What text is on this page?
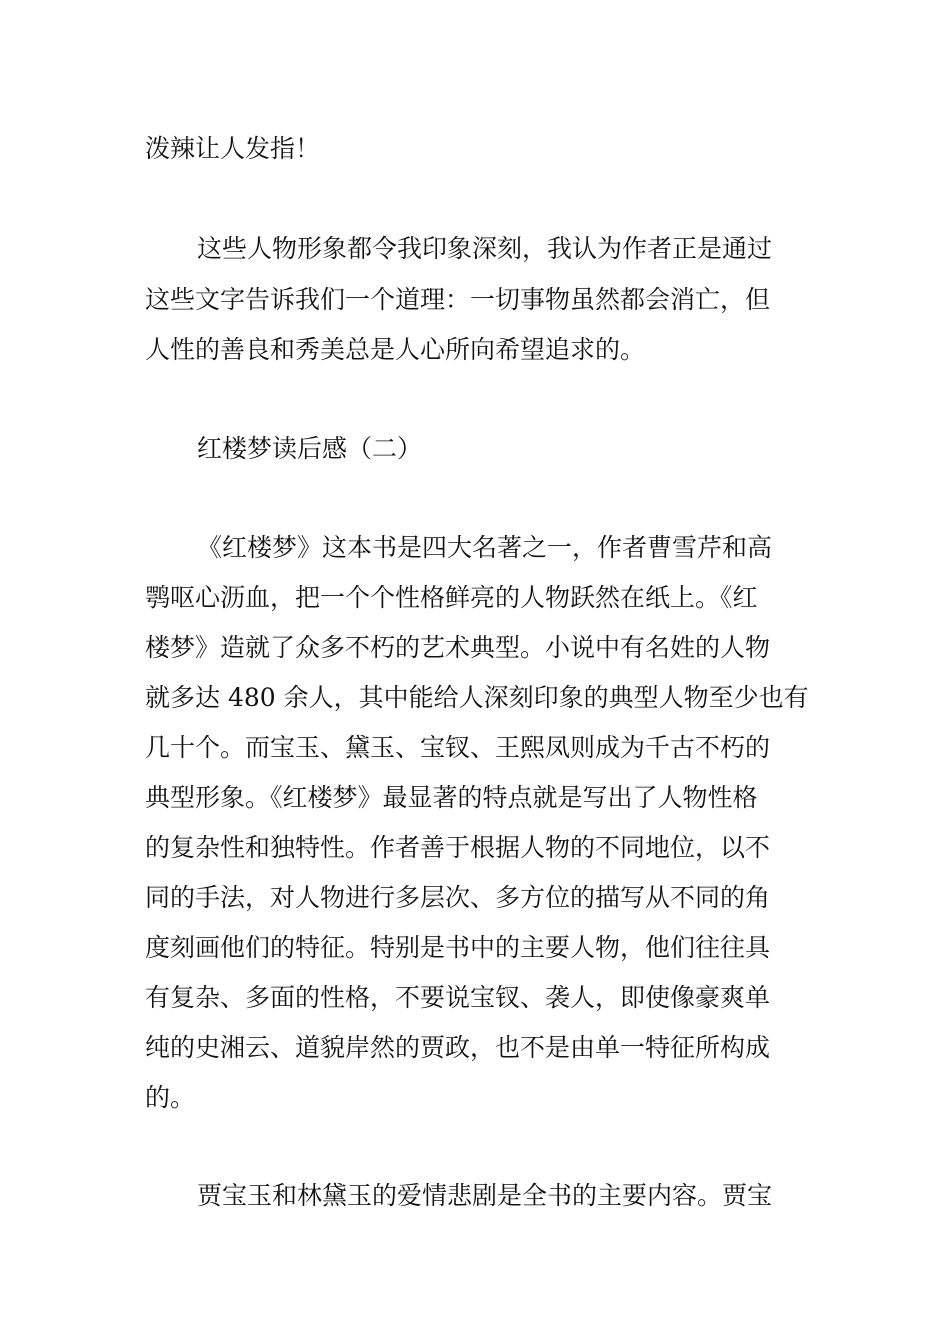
泼辣让人发指！
这些人物形象都令我印象深刻，我认为作者正是通过
这些文字告诉我们一个道理：一切事物虽然都会消亡，但
人性的善良和秀美总是人心所向希望追求的。
红楼梦读后感（二）
《红楼梦》这本书是四大名著之一，作者曹雪芹和高
鹗呕心沥血，把一个个性格鲜亮的人物跃然在纸上。《红
楼梦》造就了众多不朽的艺术典型。小说中有名姓的人物
就多达 480 余人，其中能给人深刻印象的典型人物至少也有
几十个。而宝玉、黛玉、宝钗、王熙凤则成为千古不朽的
典型形象。《红楼梦》最显著的特点就是写出了人物性格
的复杂性和独特性。作者善于根据人物的不同地位，以不
同的手法，对人物进行多层次、多方位的描写从不同的角
度刻画他们的特征。特别是书中的主要人物，他们往往具
有复杂、多面的性格，不要说宝钗、袭人，即使像豪爽单
纯的史湘云、道貌岸然的贾政，也不是由单一特征所构成
的。
贾宝玉和林黛玉的爱情悲剧是全书的主要内容。贾宝
